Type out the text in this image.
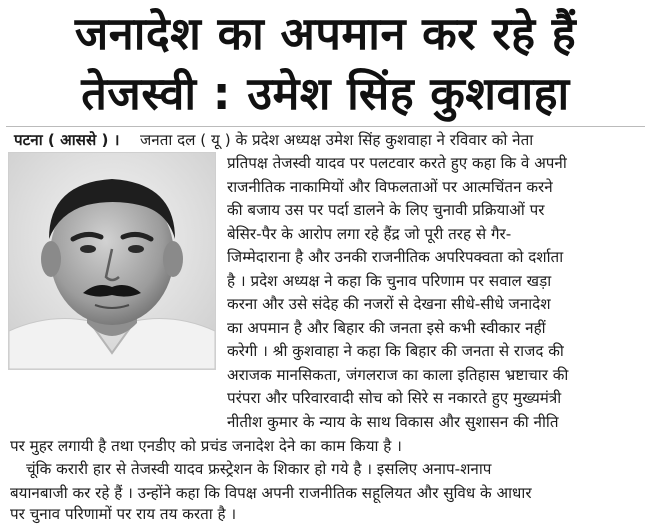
जनादेश का अपमान कर रहे हैं
तेजस्वी : उमेश सिंह कुशवाहा
पटना ( आससे ) । जनता दल ( यू ) के प्रदेश अध्यक्ष उमेश सिंह कुशवाहा ने रविवार को नेता
प्रतिपक्ष तेजस्वी यादव पर पलटवार करते हुए कहा कि वे अपनी
राजनीतिक नाकामियों और विफलताओं पर आत्मचिंतन करने
की बजाय उस पर पर्दा डालने के लिए चुनावी प्रक्रियाओं पर
बेसिर-पैर के आरोप लगा रहे हैंद्र जो पूरी तरह से गैर-
जिम्मेदाराना है और उनकी राजनीतिक अपरिपक्वता को दर्शाता
है । प्रदेश अध्यक्ष ने कहा कि चुनाव परिणाम पर सवाल खड़ा
करना और उसे संदेह की नजरों से देखना सीधे-सीधे जनादेश
का अपमान है और बिहार की जनता इसे कभी स्वीकार नहीं
करेगी । श्री कुशवाहा ने कहा कि बिहार की जनता से राजद की
अराजक मानसिकता, जंगलराज का काला इतिहास भ्रष्टाचार की
परंपरा और परिवारवादी सोच को सिरे स नकारते हुए मुख्यमंत्री
नीतीश कुमार के न्याय के साथ विकास और सुशासन की नीति
पर मुहर लगायी है तथा एनडीए को प्रचंड जनादेश देने का काम किया है ।
चूंकि करारी हार से तेजस्वी यादव फ्रस्ट्रेशन के शिकार हो गये है । इसलिए अनाप-शनाप
बयानबाजी कर रहे हैं । उन्होंने कहा कि विपक्ष अपनी राजनीतिक सहूलियत और सुविध के आधार
पर चुनाव परिणामों पर राय तय करता है ।
